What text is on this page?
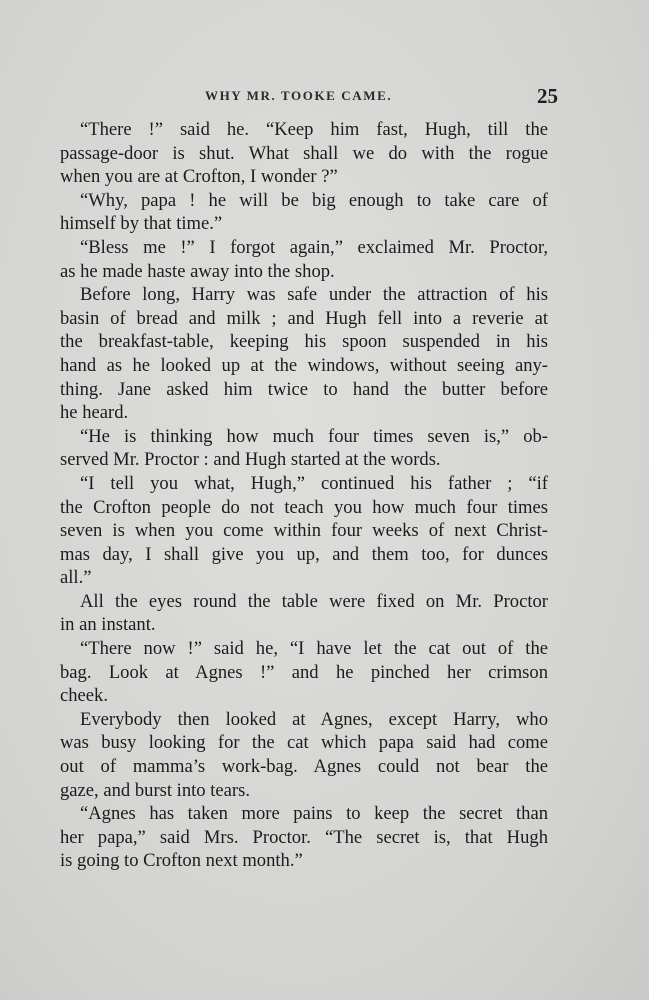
WHY MR. TOOKE CAME.	25
“There !” said he. “Keep him fast, Hugh, till the
passage-door is shut. What shall we do with the rogue
when you are at Crofton, I wonder ?”
“Why, papa ! he will be big enough to take care of
himself by that time.”
“Bless me !” I forgot again,” exclaimed Mr. Proctor,
as he made haste away into the shop.
Before long, Harry was safe under the attraction of his
basin of bread and milk ; and Hugh fell into a reverie at
the breakfast-table, keeping his spoon suspended in his
hand as he looked up at the windows, without seeing any-
thing. Jane asked him twice to hand the butter before
he heard.
“He is thinking how much four times seven is,” ob-
served Mr. Proctor : and Hugh started at the words.
“I tell you what, Hugh,” continued his father ; “if
the Crofton people do not teach you how much four times
seven is when you come within four weeks of next Christ-
mas day, I shall give you up, and them too, for dunces
all.”
All the eyes round the table were fixed on Mr. Proctor
in an instant.
“There now !” said he, “I have let the cat out of the
bag. Look at Agnes !” and he pinched her crimson
cheek.
Everybody then looked at Agnes, except Harry, who
was busy looking for the cat which papa said had come
out of mamma’s work-bag. Agnes could not bear the
gaze, and burst into tears.
“Agnes has taken more pains to keep the secret than
her papa,” said Mrs. Proctor. “The secret is, that Hugh
is going to Crofton next month.”
